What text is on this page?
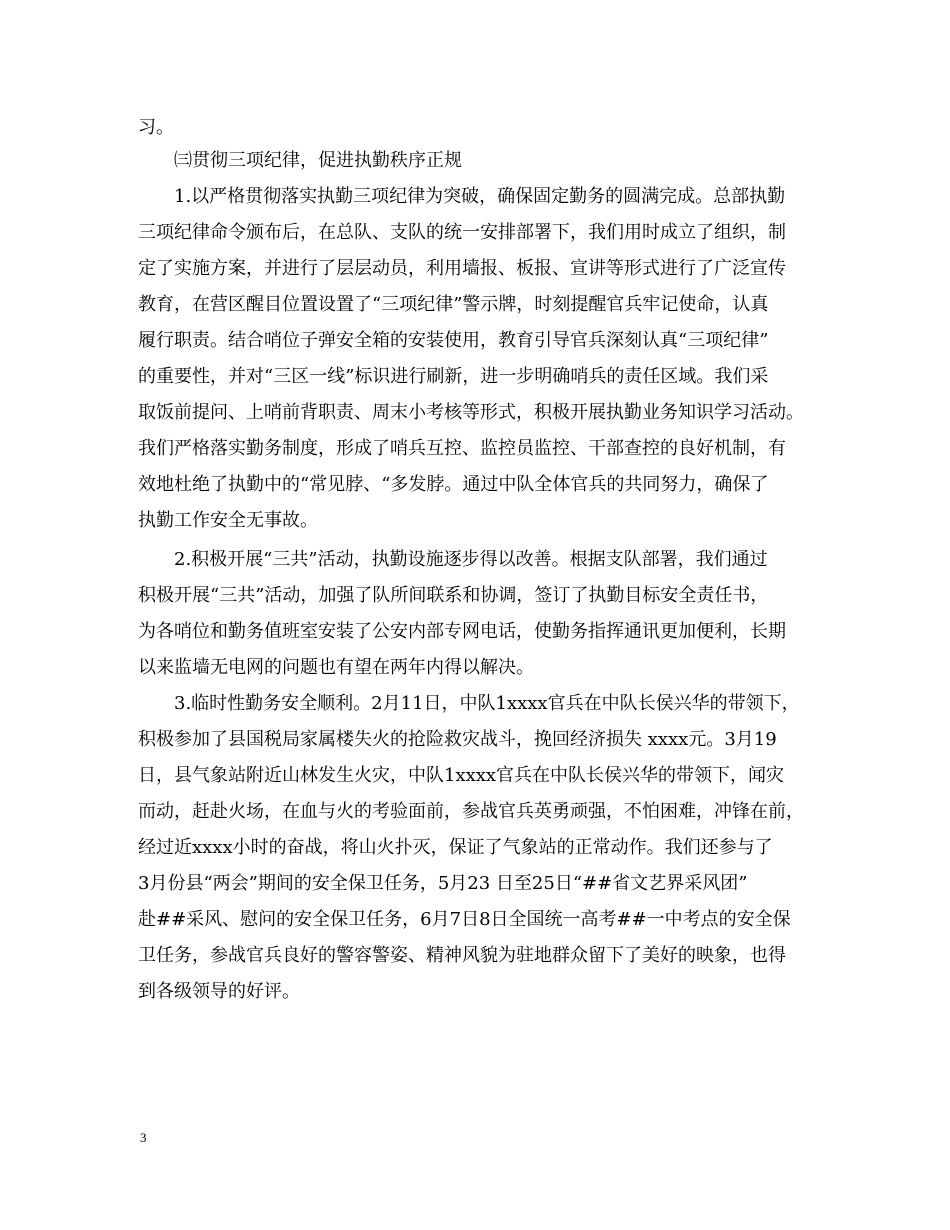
习。
㈢贯彻三项纪律，促进执勤秩序正规
1.以严格贯彻落实执勤三项纪律为突破，确保固定勤务的圆满完成。总部执勤
三项纪律命令颁布后，在总队、支队的统一安排部署下，我们用时成立了组织，制
定了实施方案，并进行了层层动员，利用墙报、板报、宣讲等形式进行了广泛宣传
教育，在营区醒目位置设置了“三项纪律”警示牌，时刻提醒官兵牢记使命，认真
履行职责。结合哨位子弹安全箱的安装使用，教育引导官兵深刻认真“三项纪律”
的重要性，并对“三区一线”标识进行刷新，进一步明确哨兵的责任区域。我们采
取饭前提问、上哨前背职责、周末小考核等形式，积极开展执勤业务知识学习活动。
我们严格落实勤务制度，形成了哨兵互控、监控员监控、干部查控的良好机制，有
效地杜绝了执勤中的“常见脖、“多发脖。通过中队全体官兵的共同努力，确保了
执勤工作安全无事故。
2.积极开展“三共”活动，执勤设施逐步得以改善。根据支队部署，我们通过
积极开展“三共”活动，加强了队所间联系和协调，签订了执勤目标安全责任书，
为各哨位和勤务值班室安装了公安内部专网电话，使勤务指挥通讯更加便利，长期
以来监墙无电网的问题也有望在两年内得以解决。
3.临时性勤务安全顺利。2月11日，中队1xxxx官兵在中队长侯兴华的带领下，
积极参加了县国税局家属楼失火的抢险救灾战斗，挽回经济损失 xxxx元。3月19
日，县气象站附近山林发生火灾，中队1xxxx官兵在中队长侯兴华的带领下，闻灾
而动，赶赴火场，在血与火的考验面前，参战官兵英勇顽强，不怕困难，冲锋在前，
经过近xxxx小时的奋战，将山火扑灭，保证了气象站的正常动作。我们还参与了
3月份县“两会”期间的安全保卫任务，5月23 日至25日“##省文艺界采风团”
赴##采风、慰问的安全保卫任务，6月7日8日全国统一高考##一中考点的安全保
卫任务，参战官兵良好的警容警姿、精神风貌为驻地群众留下了美好的映象，也得
到各级领导的好评。
3
